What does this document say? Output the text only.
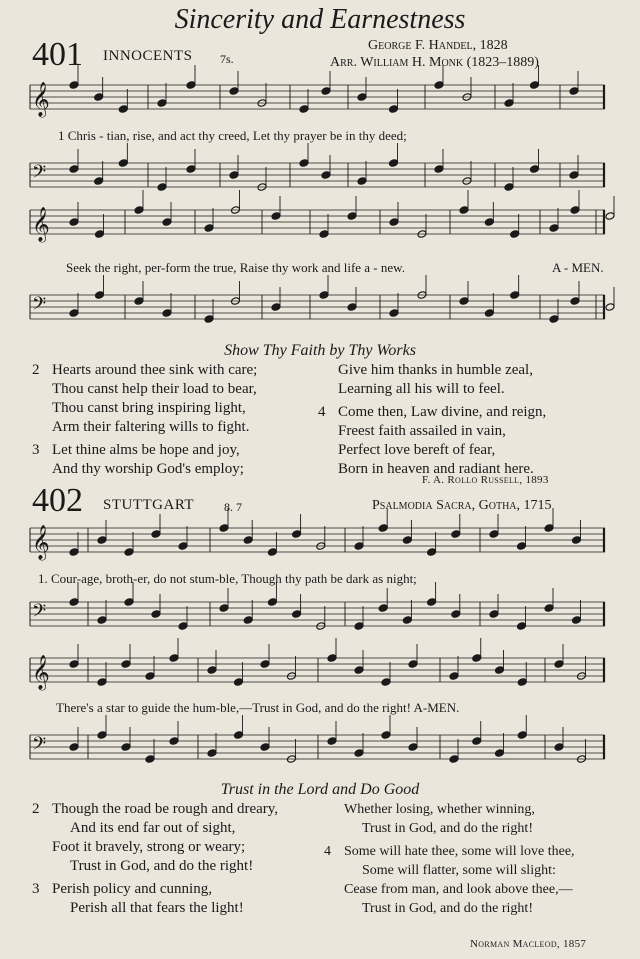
Sincerity and Earnestness
401 INNOCENTS 7s.
George F. Handel, 1828
Arr. William H. Monk (1823–1889)
𝄞
𝄢
𝄞
𝄢
𝄞
𝄢
𝄞
𝄢
1 Chris - tian, rise, and act thy creed, Let thy prayer be in thy deed;
Seek the right, per-form the true, Raise thy work and life a - new.	A - MEN.
Show Thy Faith by Thy Works
2 Hearts around thee sink with care;
Thou canst help their load to bear,
Thou canst bring inspiring light,
Arm their faltering wills to fight.
3 Let thine alms be hope and joy,
And thy worship God's employ;
Give him thanks in humble zeal,
Learning all his will to feel.
4 Come then, Law divine, and reign,
Freest faith assailed in vain,
Perfect love bereft of fear,
Born in heaven and radiant here.
F. A. Rollo Russell, 1893
402 STUTTGART 8. 7	Psalmodia Sacra, Gotha, 1715
1. Cour-age, broth-er, do not stum-ble, Though thy path be dark as night;
There's a star to guide the hum-ble,—Trust in God, and do the right! A-MEN.
Trust in the Lord and Do Good
2 Though the road be rough and dreary,
And its end far out of sight,
Foot it bravely, strong or weary;
Trust in God, and do the right!
3 Perish policy and cunning,
Perish all that fears the light!
Whether losing, whether winning,
Trust in God, and do the right!
4 Some will hate thee, some will love thee,
Some will flatter, some will slight:
Cease from man, and look above thee,—
Trust in God, and do the right!
Norman Macleod, 1857
